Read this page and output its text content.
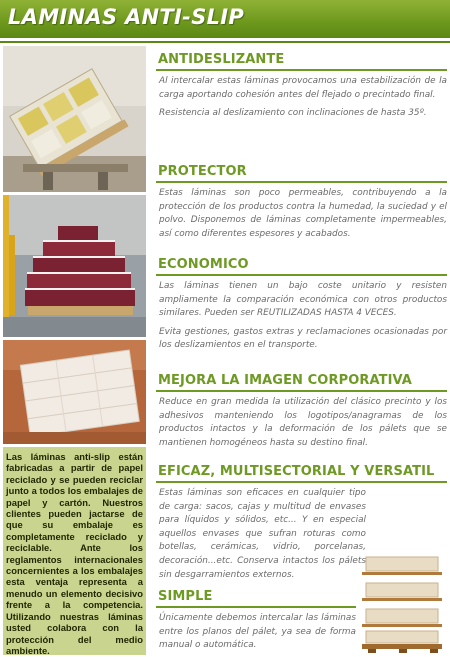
LAMINAS ANTI-SLIP
Las láminas anti-slip están fabricadas a partir de papel reciclado y se pueden reciclar junto a todos los embalajes de papel y cartón. Nuestros clientes pueden jactarse de que su embalaje es completamente reciclado y reciclable. Ante los reglamentos internacionales concernientes a los embalajes esta ventaja representa a menudo un elemento decisivo frente a la competencia. Utilizando nuestras láminas usted colabora con la protección del medio ambiente.
ANTIDESLIZANTE

Al intercalar estas láminas provocamos una estabilización de la carga aportando cohesión antes del flejado o precintado final.

Resistencia al deslizamiento con inclinaciones de hasta 35º.

PROTECTOR

Estas láminas son poco permeables, contribuyendo a la protección de los productos contra la humedad, la suciedad y el polvo. Disponemos de láminas completamente impermeables, así como diferentes espesores y acabados.

ECONOMICO

Las láminas tienen un bajo coste unitario y resisten ampliamente la comparación económica con otros productos similares. Pueden ser REUTILIZADAS HASTA 4 VECES.

Evita gestiones, gastos extras y reclamaciones ocasionadas por los deslizamientos en el transporte.

MEJORA LA IMAGEN CORPORATIVA

Reduce en gran medida la utilización del clásico precinto y los adhesivos manteniendo los logotipos/anagramas de los productos intactos y la deformación de los pálets que se mantienen homogéneos hasta su destino final.

EFICAZ, MULTISECTORIAL Y VERSATIL

Estas láminas son eficaces en cualquier tipo de carga: sacos, cajas y multitud de envases para líquidos y sólidos, etc... Y en especial aquellos envases que sufran roturas como botellas, cerámicas, vidrio, porcelanas, decoración...etc. Conserva intactos los pálets sin desgarramientos externos.

SIMPLE

Únicamente debemos intercalar las láminas entre los planos del pálet, ya sea de forma manual o automática.
